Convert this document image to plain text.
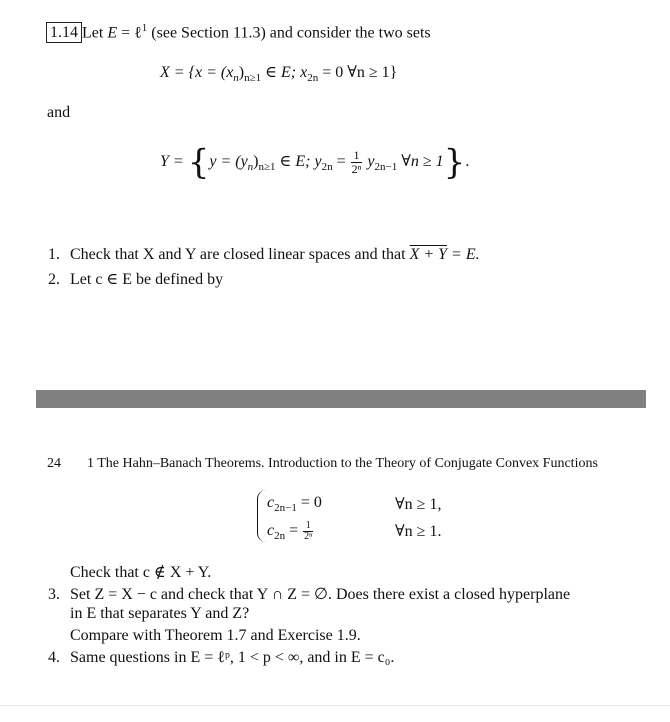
1.14 Let E = ℓ$^1$ (see Section 11.3) and consider the two sets
$X = \{x = (x_n)_{n\ge 1}$ ∈ E; $x_{2n} = 0$ ∀n ≥ 1}
and
$Y = \{y = (y_n)_{n\ge 1}$ ∈ E; $y_{2n} = \frac{1}{\text{2ⁿ}} y_{2n-1}$ ∀n ≥ 1}.
1. Check that X and Y are closed linear spaces and that X + Y = E.
2. Let c ∈ E be defined by
24 1 The Hahn–Banach Theorems. Introduction to the Theory of Conjugate Convex Functions
$c_{2n-1} = 0$	∀n ≥ 1,
$c_{2n} = \frac{1}{\text{2ⁿ}}$	∀n ≥ 1.
Check that c ∉ X + Y.
3. Set Z = X − c and check that Y ∩ Z = ∅. Does there exist a closed hyperplane
in E that separates Y and Z?
Compare with Theorem 1.7 and Exercise 1.9.
4. Same questions in E = ℓᵖ, 1 < p < ∞, and in E = c₀.
